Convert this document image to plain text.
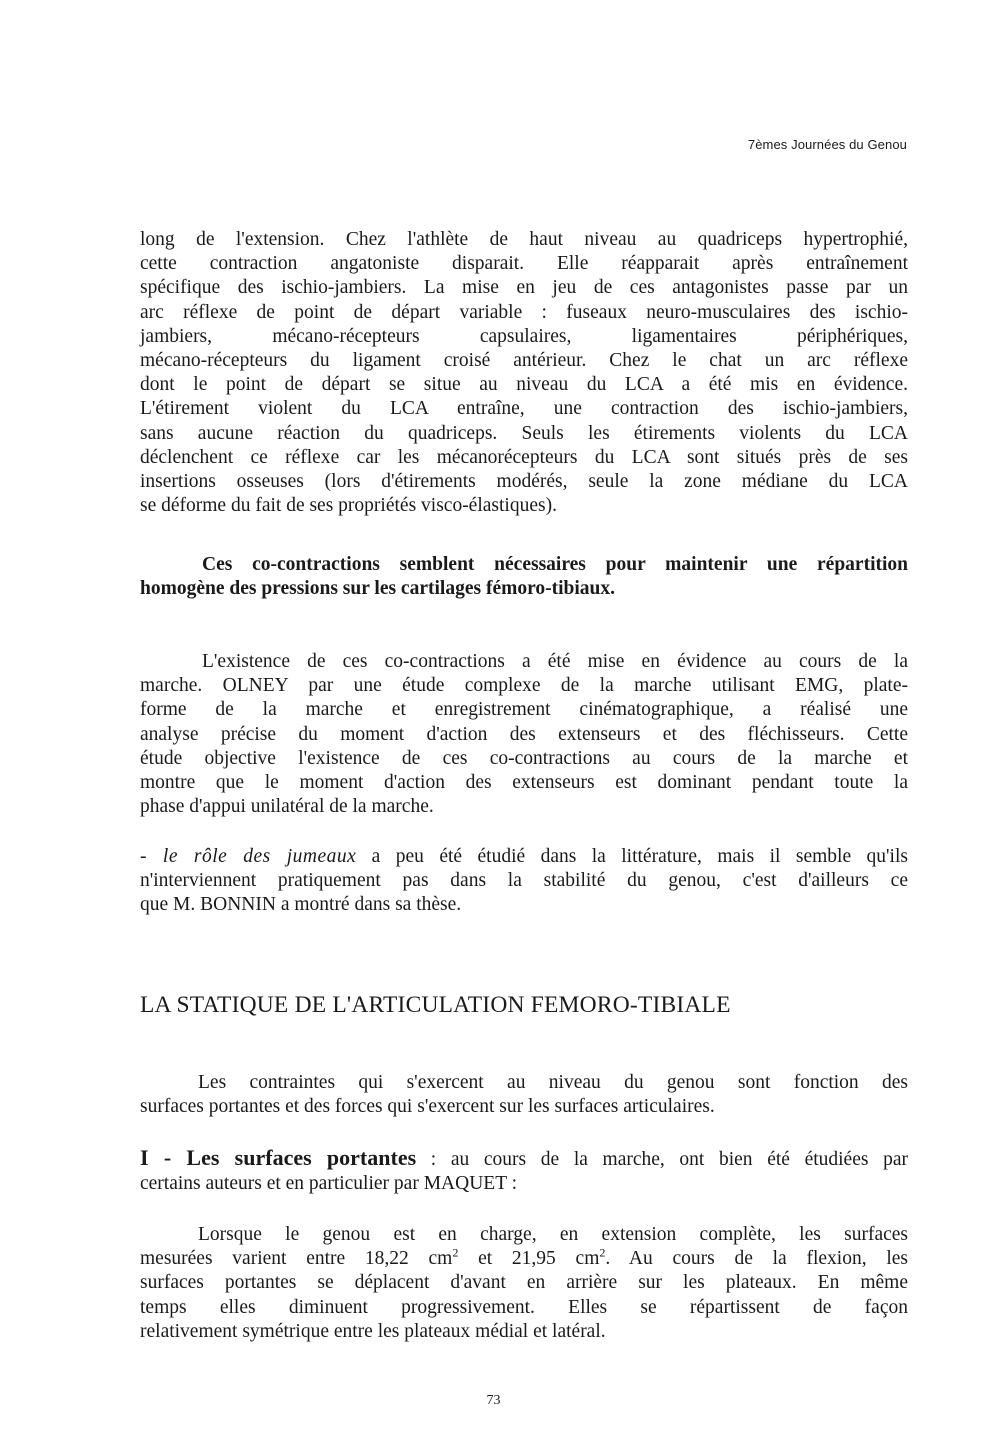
7èmes Journées du Genou
long de l'extension. Chez l'athlète de haut niveau au quadriceps hypertrophié,
cette contraction angatoniste disparait. Elle réapparait après entraînement
spécifique des ischio-jambiers. La mise en jeu de ces antagonistes passe par un
arc réflexe de point de départ variable : fuseaux neuro-musculaires des ischio-
jambiers, mécano-récepteurs capsulaires, ligamentaires périphériques,
mécano-récepteurs du ligament croisé antérieur. Chez le chat un arc réflexe
dont le point de départ se situe au niveau du LCA a été mis en évidence.
L'étirement violent du LCA entraîne, une contraction des ischio-jambiers,
sans aucune réaction du quadriceps. Seuls les étirements violents du LCA
déclenchent ce réflexe car les mécanorécepteurs du LCA sont situés près de ses
insertions osseuses (lors d'étirements modérés, seule la zone médiane du LCA
se déforme du fait de ses propriétés visco-élastiques).
Ces co-contractions semblent nécessaires pour maintenir une répartition
homogène des pressions sur les cartilages fémoro-tibiaux.
L'existence de ces co-contractions a été mise en évidence au cours de la
marche. OLNEY par une étude complexe de la marche utilisant EMG, plate-
forme de la marche et enregistrement cinématographique, a réalisé une
analyse précise du moment d'action des extenseurs et des fléchisseurs. Cette
étude objective l'existence de ces co-contractions au cours de la marche et
montre que le moment d'action des extenseurs est dominant pendant toute la
phase d'appui unilatéral de la marche.
- le rôle des jumeaux a peu été étudié dans la littérature, mais il semble qu'ils
n'interviennent pratiquement pas dans la stabilité du genou, c'est d'ailleurs ce
que M. BONNIN a montré dans sa thèse.
LA STATIQUE DE L'ARTICULATION FEMORO-TIBIALE
Les contraintes qui s'exercent au niveau du genou sont fonction des
surfaces portantes et des forces qui s'exercent sur les surfaces articulaires.
I - Les surfaces portantes : au cours de la marche, ont bien été étudiées par
certains auteurs et en particulier par MAQUET :
Lorsque le genou est en charge, en extension complète, les surfaces
mesurées varient entre 18,22 $cm^2$ et 21,95 $cm^2$. Au cours de la flexion, les
surfaces portantes se déplacent d'avant en arrière sur les plateaux. En même
temps elles diminuent progressivement. Elles se répartissent de façon
relativement symétrique entre les plateaux médial et latéral.
73
